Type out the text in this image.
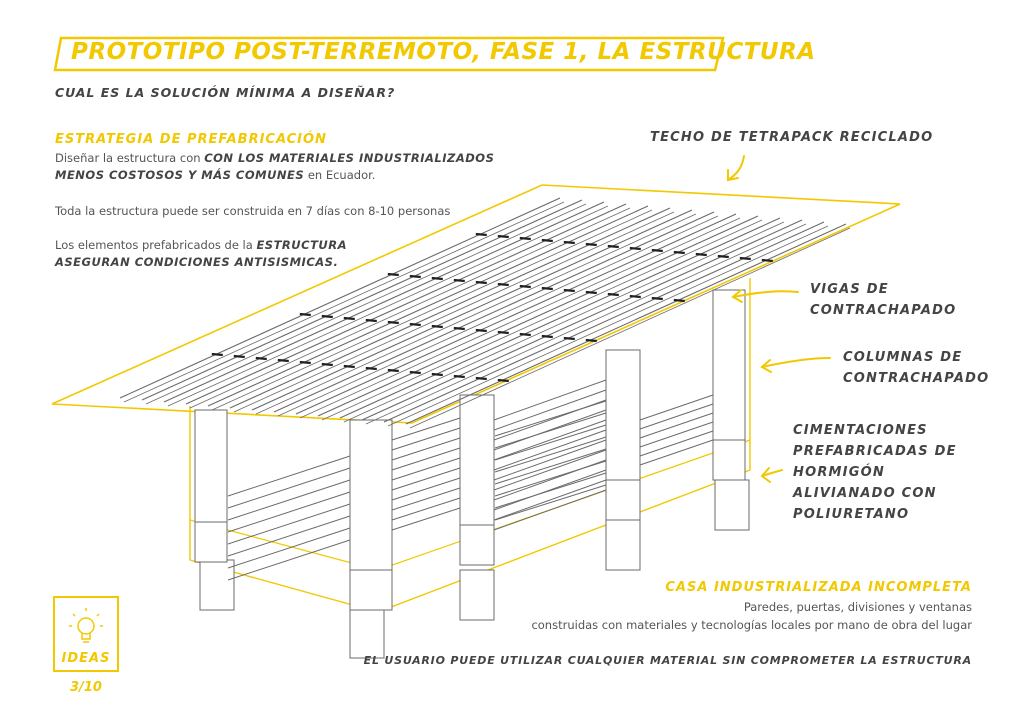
PROTOTIPO POST-TERREMOTO, FASE 1, LA ESTRUCTURA
CUAL ES LA SOLUCIÓN MÍNIMA A DISEÑAR?
ESTRATEGIA DE PREFABRICACIÓN
Diseñar la estructura con CON LOS MATERIALES INDUSTRIALIZADOS MENOS COSTOSOS Y MÁS COMUNES en Ecuador.
Toda la estructura puede ser construida en 7 días con 8-10 personas
Los elementos prefabricados de la ESTRUCTURA ASEGURAN CONDICIONES ANTISISMICAS.
TECHO DE TETRAPACK RECICLADO
VIGAS DE
CONTRACHAPADO
COLUMNAS DE
CONTRACHAPADO
CIMENTACIONES
PREFABRICADAS DE
HORMIGÓN
ALIVIANADO CON
POLIURETANO
CASA INDUSTRIALIZADA INCOMPLETA
Paredes, puertas, divisiones y ventanas
construidas con materiales y tecnologías locales por mano de obra del lugar
EL USUARIO PUEDE UTILIZAR CUALQUIER MATERIAL SIN COMPROMETER LA ESTRUCTURA
IDEAS
3/10
